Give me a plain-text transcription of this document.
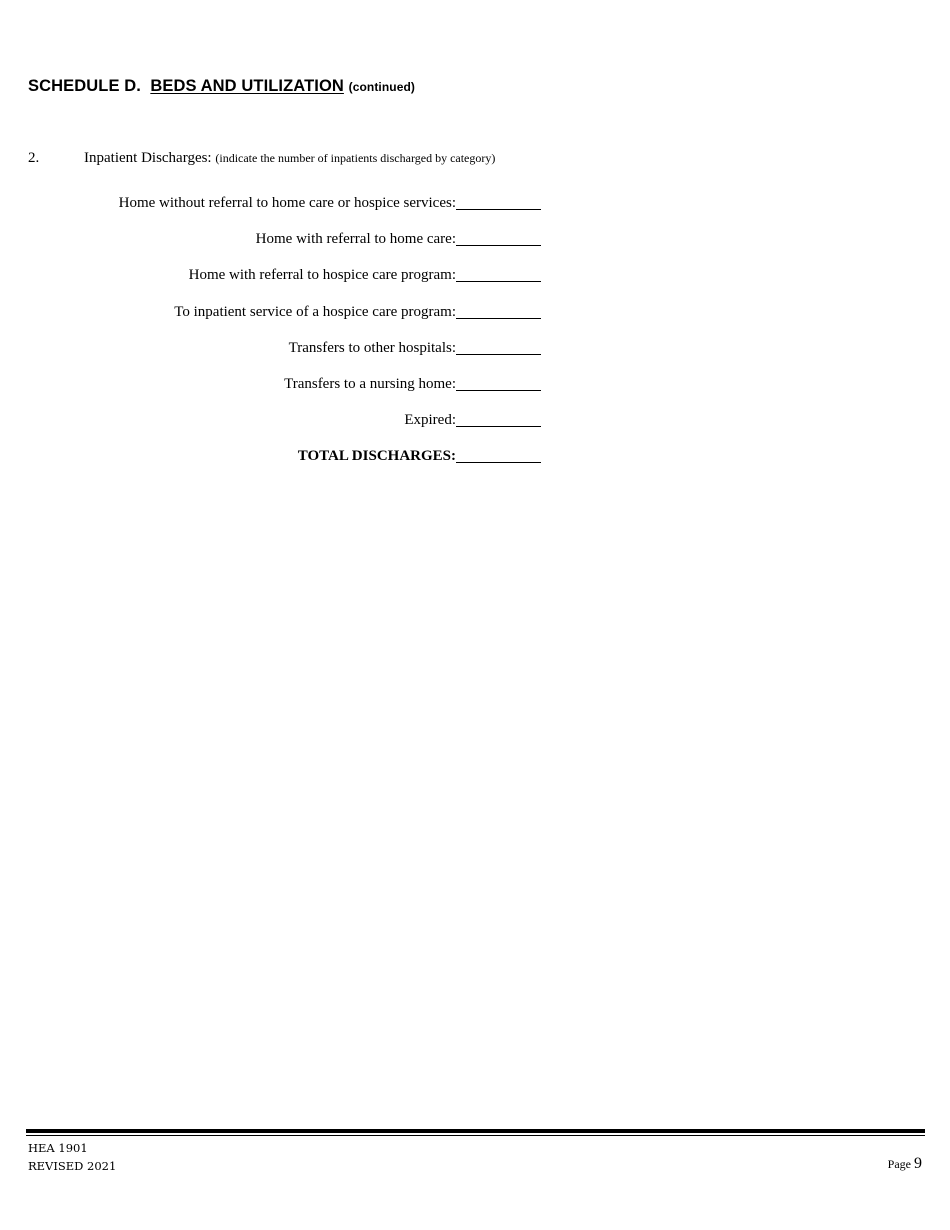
SCHEDULE D. BEDS AND UTILIZATION (continued)
2.	Inpatient Discharges: (indicate the number of inpatients discharged by category)
Home without referral to home care or hospice services:
Home with referral to home care:
Home with referral to hospice care program:
To inpatient service of a hospice care program:
Transfers to other hospitals:
Transfers to a nursing home:
Expired:
TOTAL DISCHARGES:
HEA 1901
REVISED 2021	Page 9
